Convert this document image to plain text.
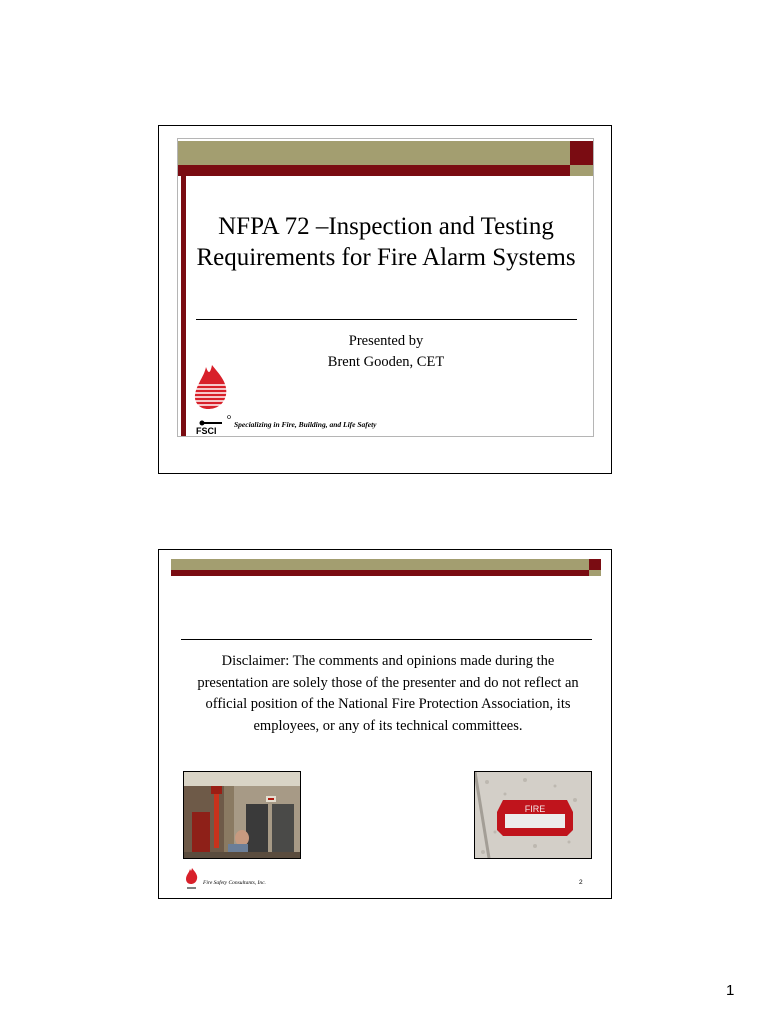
NFPA 72 –Inspection and Testing Requirements for Fire Alarm Systems
Presented by
Brent Gooden, CET
FSCI
Specializing in Fire, Building, and Life Safety
Disclaimer: The comments and opinions made during the presentation are solely those of the presenter and do not reflect an official position of the National Fire Protection Association, its employees, or any of its technical committees.
FIRE
Fire Safety Consultants, Inc.	2
1
